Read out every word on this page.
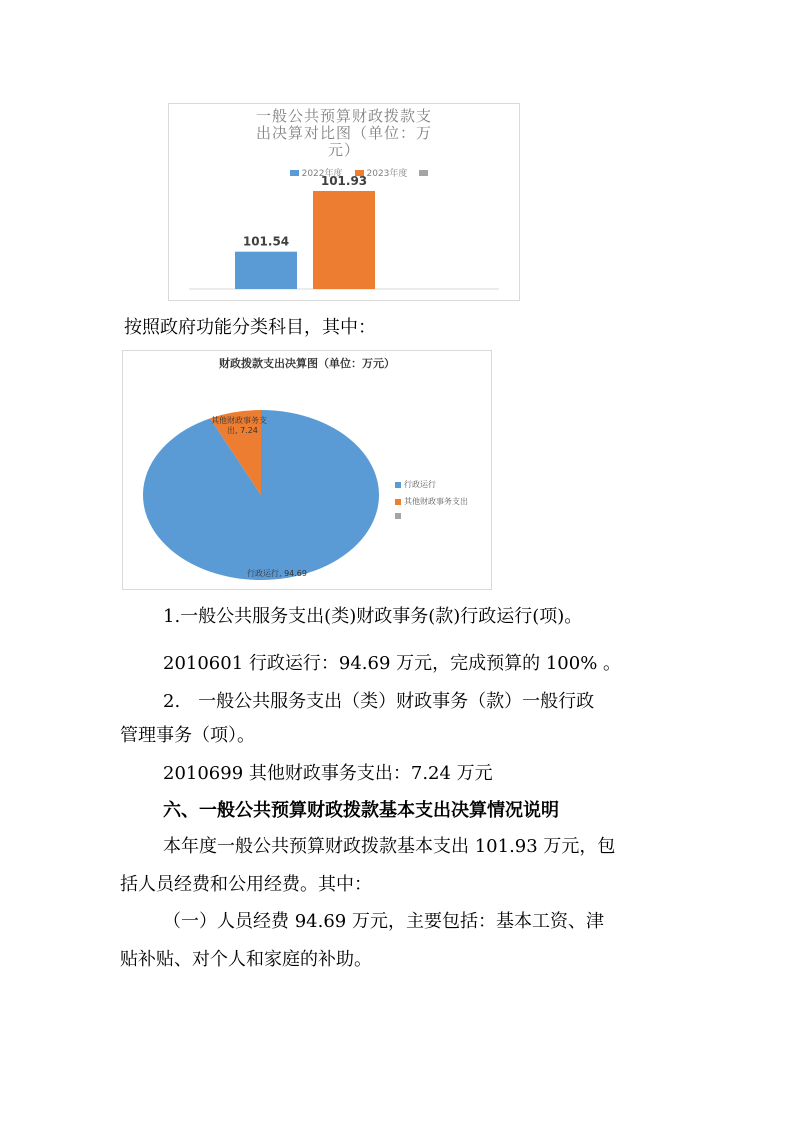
一般公共预算财政拨款支
出决算对比图（单位：万
元）
2022年度	2023年度
101.54
101.93
按照政府功能分类科目，其中：
财政拨款支出决算图（单位：万元）
行政运行, 94.69
其他财政事务支
出, 7.24
行政运行
其他财政事务支出
1.一般公共服务支出(类)财政事务(款)行政运行(项)。
2010601 行政运行：94.69 万元，完成预算的 100% 。
2.　一般公共服务支出（类）财政事务（款）一般行政
管理事务（项）。
2010699 其他财政事务支出：7.24 万元
六、一般公共预算财政拨款基本支出决算情况说明
本年度一般公共预算财政拨款基本支出 101.93 万元，包
括人员经费和公用经费。其中：
（一）人员经费 94.69 万元，主要包括：基本工资、津
贴补贴、对个人和家庭的补助。
